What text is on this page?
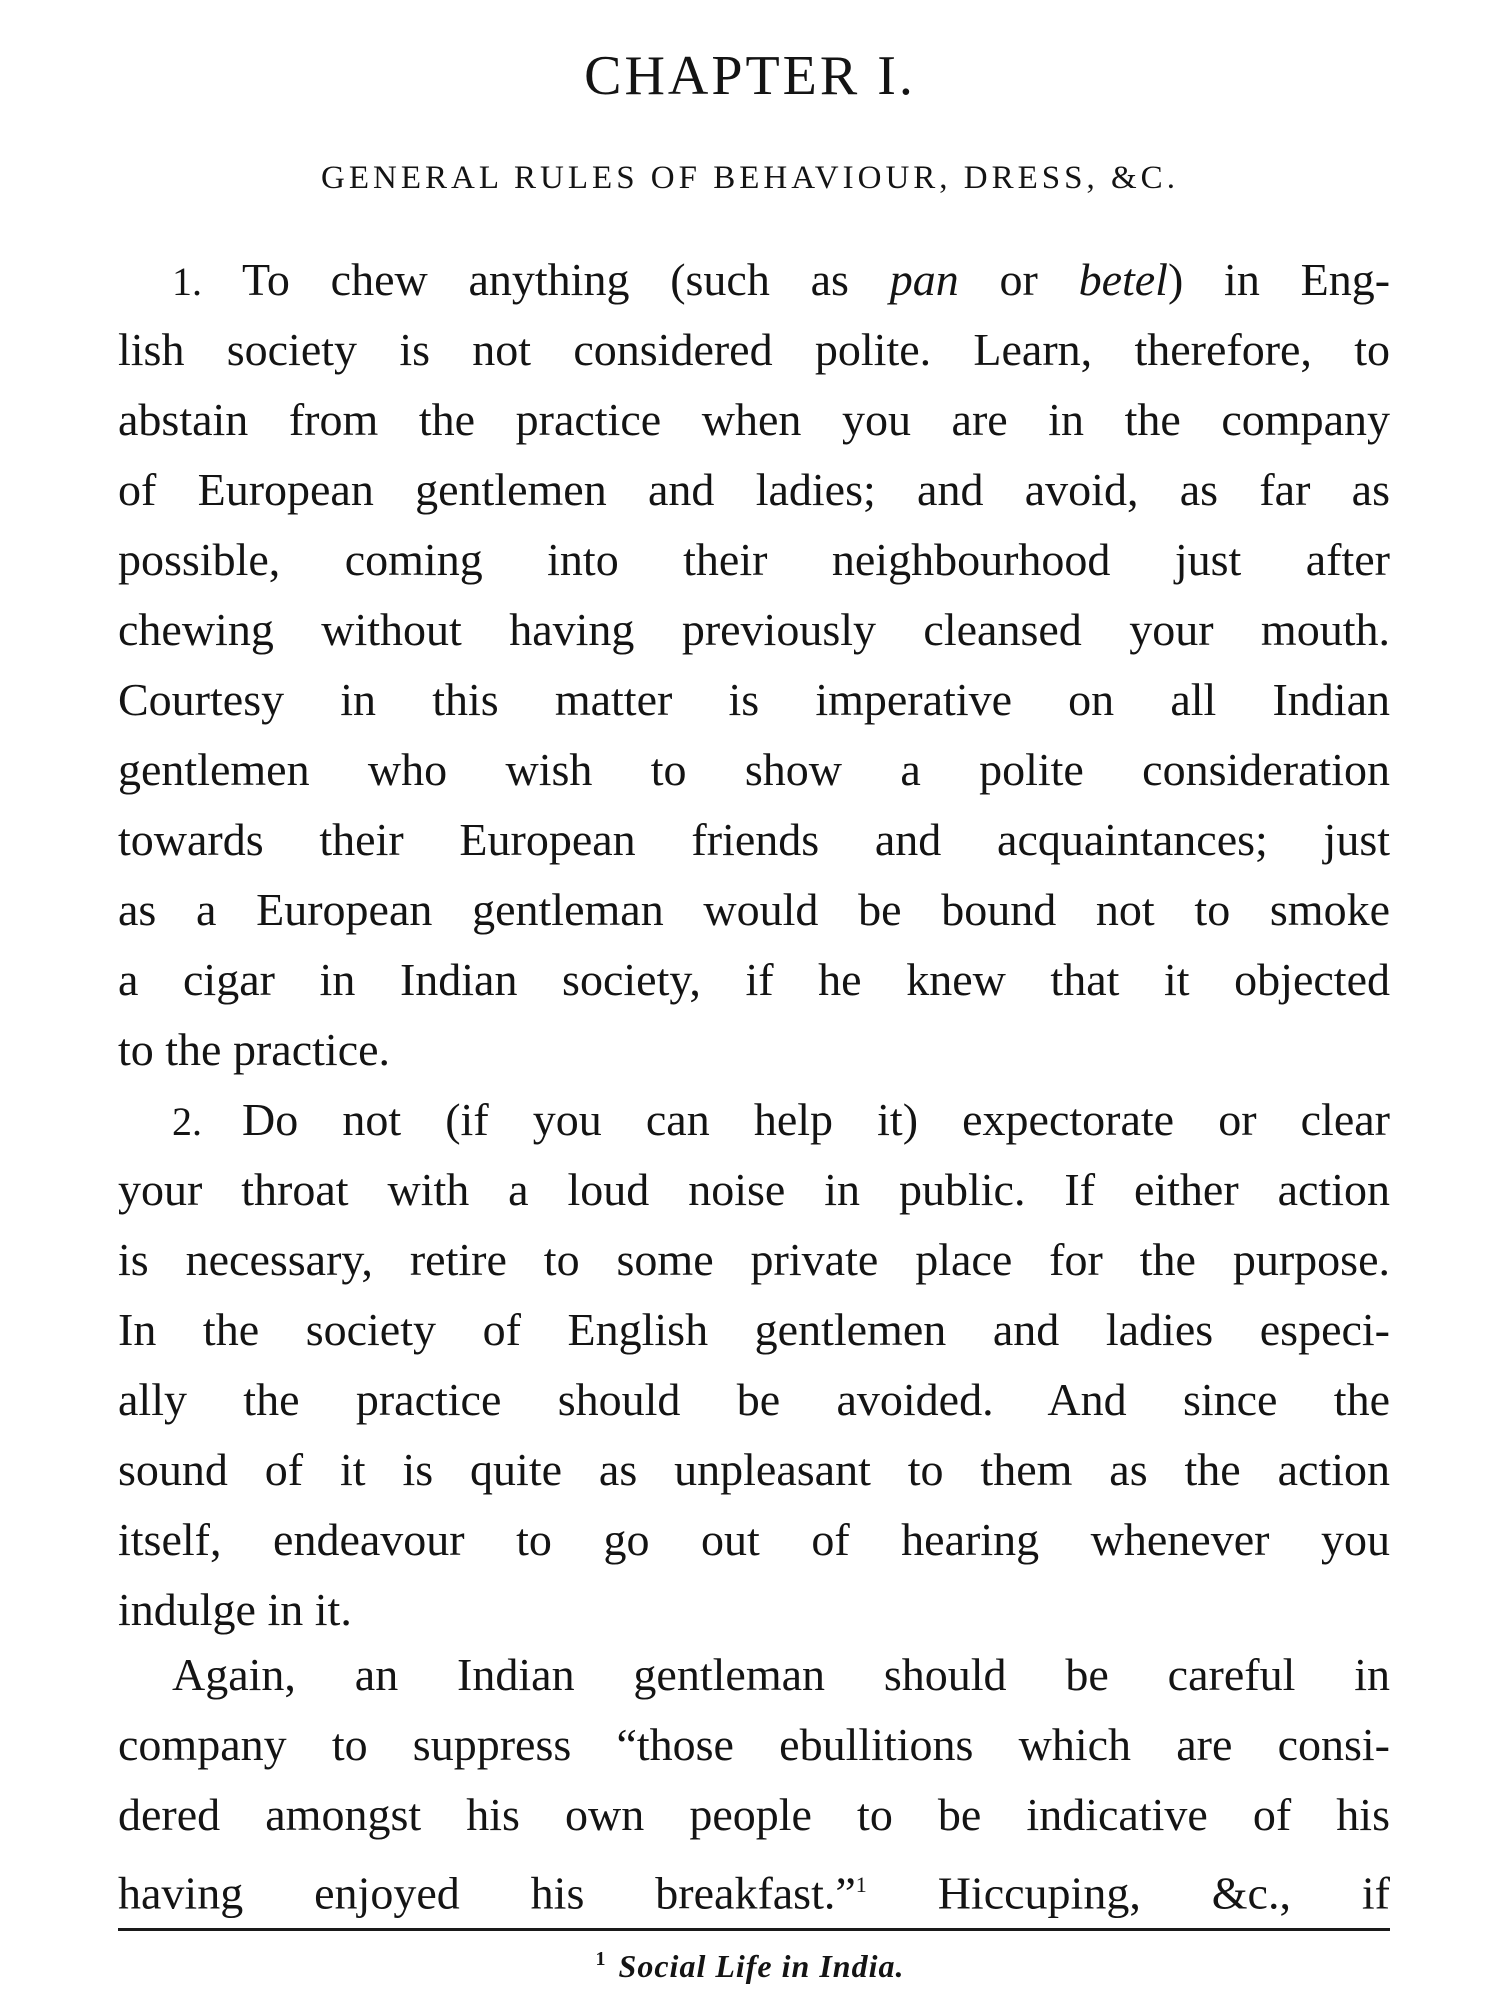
CHAPTER I.
GENERAL RULES OF BEHAVIOUR, DRESS, &C.
1. To chew anything (such as pan or betel) in Eng-
lish society is not considered polite. Learn, therefore, to
abstain from the practice when you are in the company
of European gentlemen and ladies; and avoid, as far as
possible, coming into their neighbourhood just after
chewing without having previously cleansed your mouth.
Courtesy in this matter is imperative on all Indian
gentlemen who wish to show a polite consideration
towards their European friends and acquaintances; just
as a European gentleman would be bound not to smoke
a cigar in Indian society, if he knew that it objected
to the practice.
2. Do not (if you can help it) expectorate or clear
your throat with a loud noise in public. If either action
is necessary, retire to some private place for the purpose.
In the society of English gentlemen and ladies especi-
ally the practice should be avoided. And since the
sound of it is quite as unpleasant to them as the action
itself, endeavour to go out of hearing whenever you
indulge in it.
Again, an Indian gentleman should be careful in
company to suppress “those ebullitions which are consi-
dered amongst his own people to be indicative of his
having enjoyed his breakfast.”$^1$ Hiccuping, &c., if
$^1$ Social Life in India.
